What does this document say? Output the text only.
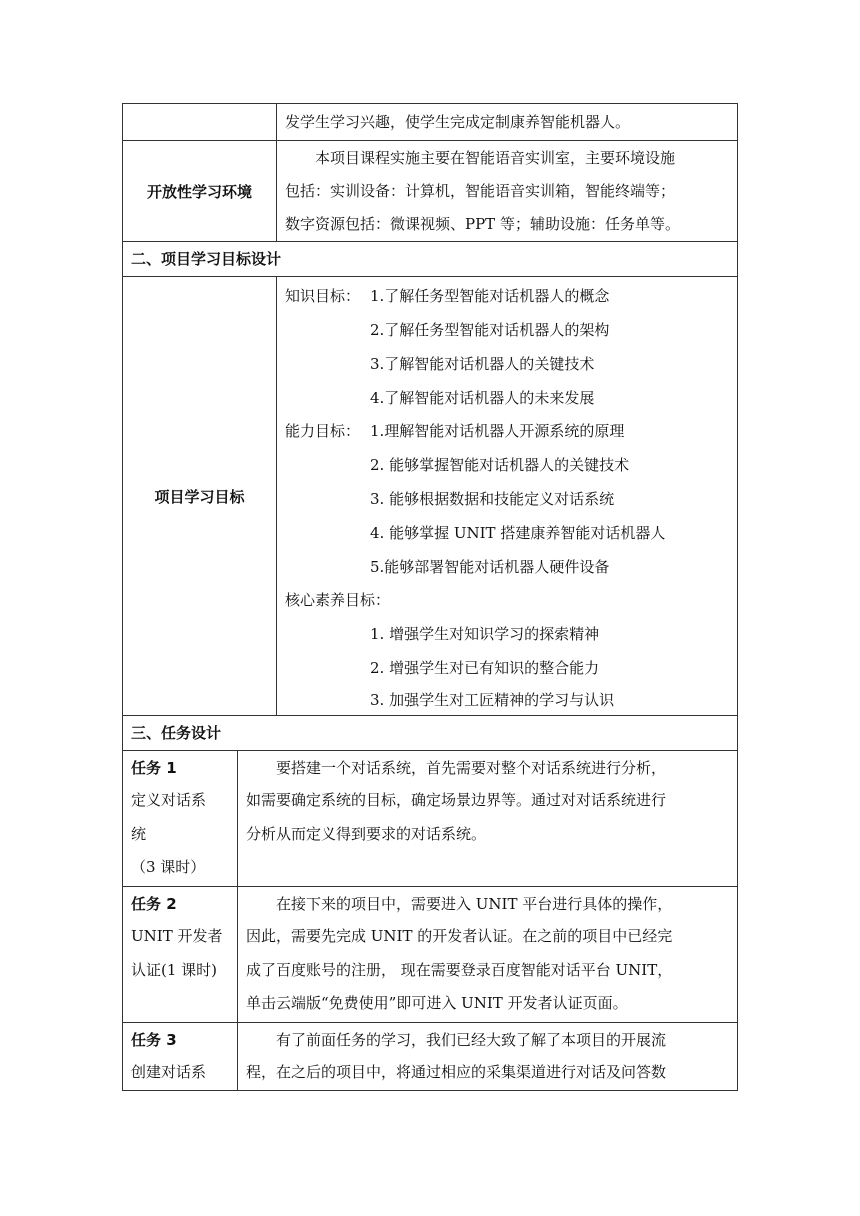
发学生学习兴趣，使学生完成定制康养智能机器人。
开放性学习环境
本项目课程实施主要在智能语音实训室，主要环境设施
包括：实训设备：计算机，智能语音实训箱，智能终端等；
数字资源包括：微课视频、PPT 等；辅助设施：任务单等。
二、项目学习目标设计
项目学习目标
知识目标： 1.了解任务型智能对话机器人的概念
2.了解任务型智能对话机器人的架构
3.了解智能对话机器人的关键技术
4.了解智能对话机器人的未来发展
能力目标： 1.理解智能对话机器人开源系统的原理
2. 能够掌握智能对话机器人的关键技术
3. 能够根据数据和技能定义对话系统
4. 能够掌握 UNIT 搭建康养智能对话机器人
5.能够部署智能对话机器人硬件设备
核心素养目标：
1. 增强学生对知识学习的探索精神
2. 增强学生对已有知识的整合能力
3. 加强学生对工匠精神的学习与认识
三、任务设计
任务 1
定义对话系
统
（3 课时）
要搭建一个对话系统，首先需要对整个对话系统进行分析，
如需要确定系统的目标，确定场景边界等。通过对对话系统进行
分析从而定义得到要求的对话系统。
任务 2
UNIT 开发者
认证(1 课时)
在接下来的项目中，需要进入 UNIT 平台进行具体的操作，
因此，需要先完成 UNIT 的开发者认证。在之前的项目中已经完
成了百度账号的注册， 现在需要登录百度智能对话平台 UNIT，
单击云端版“免费使用”即可进入 UNIT 开发者认证页面。
任务 3
创建对话系
有了前面任务的学习，我们已经大致了解了本项目的开展流
程，在之后的项目中，将通过相应的采集渠道进行对话及问答数
